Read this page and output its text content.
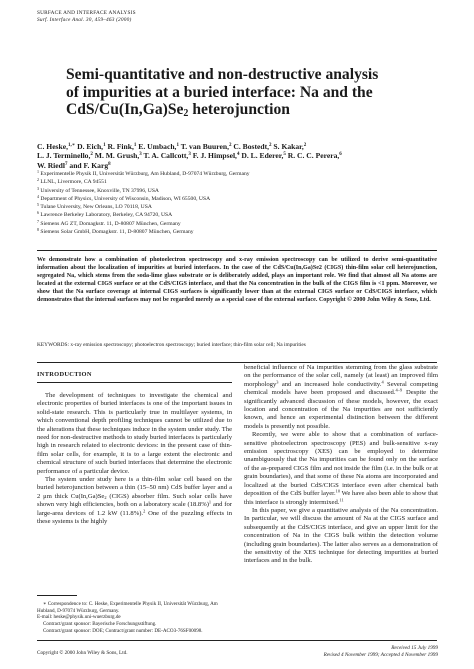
SURFACE AND INTERFACE ANALYSIS
Surf. Interface Anal. 30, 459–463 (2000)
Semi-quantitative and non-destructive analysis
of impurities at a buried interface: Na and the
CdS/$Cu(In,Ga)Se_2$ heterojunction
C. Heske,$^{1,∗}$ D. Eich,$^1$ R. Fink,$^1$ E. Umbach,$^1$ T. van Buuren,$^2$ C. Bostedt,$^2$ S. Kakar,$^2$
L. J. Terminello,$^2$ M. M. Grush,$^3$ T. A. Callcott,$^3$ F. J. Himpsel,$^4$ D. L. Ederer,$^5$ R. C. C. Perera,$^6$
W. Riedl$^7$ and F. Karg$^8$
$^1$ Experimentelle Physik II, Universität Würzburg, Am Hubland, D-97074 Würzburg, Germany
$^2$ LLNL, Livermore, CA 94551
$^3$ University of Tennessee, Knoxville, TN 37996, USA
$^4$ Department of Physics, University of Wisconsin, Madison, WI 65500, USA
$^5$ Tulane University, New Orleans, LO 70118, USA
$^6$ Lawrence Berkeley Laboratory, Berkeley, CA 94720, USA
$^7$ Siemens AG ZT, Domagkstr. 11, D-80807 München, Germany
$^8$ Siemens Solar GmbH, Domagkstr. 11, D-80807 München, Germany
We demonstrate how a combination of photoelectron spectroscopy and x-ray emission spectroscopy can be utilized to derive semi-quantitative information about the localization of impurities at buried interfaces. In the case of the CdS/Cu(In,Ga)Se2 (CIGS) thin-film solar cell heterojunction, segregated Na, which stems from the soda-lime glass substrate or is deliberately added, plays an important role. We find that almost all Na atoms are located at the external CIGS surface or at the CdS/CIGS interface, and that the Na concentration in the bulk of the CIGS film is <1 ppm. Moreover, we show that the Na surface coverage at internal CIGS surfaces is significantly lower than at the external CIGS surface or CdS/CIGS interface, which demonstrates that the internal surfaces may not be regarded merely as a special case of the external surface. Copyright © 2000 John Wiley & Sons, Ltd.
KEYWORDS: x-ray emission spectroscopy; photoelectron spectroscopy; buried interface; thin-film solar cell; Na impurities
INTRODUCTION

The development of techniques to investigate the chemical and electronic properties of buried interfaces is one of the important issues in solid-state research. This is particularly true in multilayer systems, in which conventional depth profiling techniques cannot be utilized due to the alterations that these techniques induce in the system under study. The need for non-destructive methods to study buried interfaces is particularly high in research related to electronic devices: in the present case of thin-film solar cells, for example, it is to a large extent the electronic and chemical structure of such buried interfaces that determine the electronic performance of a particular device.

The system under study here is a thin-film solar cell based on the buried heterojunction between a thin (15–50 nm) CdS buffer layer and a 2 μm thick $Cu(In,Ga)Se_2$ (CIGS) absorber film. Such solar cells have shown very high efficiencies, both on a laboratory scale $(18.8\%)^1$ and for large-area devices of 1.2 kW (11.8%).$^2$ One of the puzzling effects in these systems is the highly

∗ Correspondence to: C. Heske, Experimentelle Physik II, Universität Würzburg, Am Hubland, D-97074 Würzburg, Germany.
E-mail: heske@physik.uni-wuerzburg.de
Contract/grant sponsor: Bayerische Forschungsstiftung.
Contract/grant sponsor: DOE; Contract/grant number: DE-ACO3-76SF00098.

beneficial influence of Na impurities stemming from the glass substrate on the performance of the solar cell, namely (at least) an improved film morphology$^3$ and an increased hole conductivity.$^4$ Several competing chemical models have been proposed and discussed.$^{4-9}$ Despite the significantly advanced discussion of these models, however, the exact location and concentration of the Na impurities are not sufficiently known, and hence an experimental distinction between the different models is presently not possible.

Recently, we were able to show that a combination of surface-sensitive photoelectron spectroscopy (PES) and bulk-sensitive x-ray emission spectroscopy (XES) can be employed to determine unambiguously that the Na impurities can be found only on the surface of the as-prepared CIGS film and not inside the film (i.e. in the bulk or at grain boundaries), and that some of these Na atoms are incorporated and localized at the buried CdS/CIGS interface even after chemical bath deposition of the CdS buffer layer.$^{10}$ We have also been able to show that this interface is strongly intermixed.$^{11}$

In this paper, we give a quantitative analysis of the Na concentration. In particular, we will discuss the amount of Na at the CIGS surface and subsequently at the CdS/CIGS interface, and give an upper limit for the concentration of Na in the CIGS bulk within the detection volume (including grain boundaries). The latter also serves as a demonstration of the sensitivity of the XES technique for detecting impurities at buried interfaces and in the bulk.

Copyright © 2000 John Wiley & Sons, Ltd.
Received 15 July 1999
Revised 4 November 1999; Accepted 4 November 1999
